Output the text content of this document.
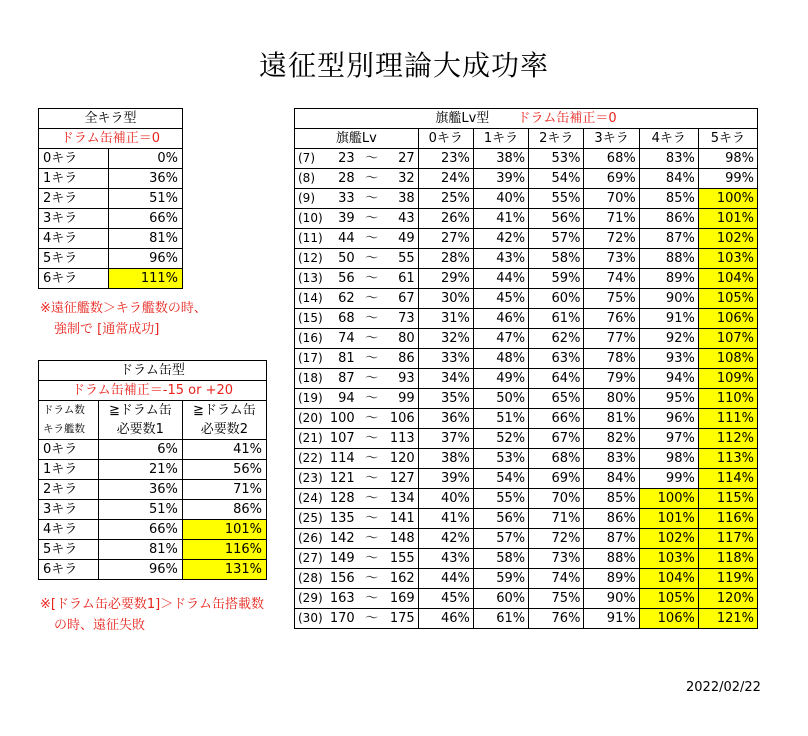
遠征型別理論大成功率
全キラ型	
ドラム缶補正＝0	
0キラ	0%
1キラ	36%
2キラ	51%
3キラ	66%
4キラ	81%
5キラ	96%
6キラ	111%
※遠征艦数＞キラ艦数の時、
強制で [通常成功]
ドラム缶型		
ドラム缶補正＝-15 or +20		
ドラム数	≧ドラム缶	≧ドラム缶
キラ艦数	必要数1	必要数2
0キラ	6%	41%
1キラ	21%	56%
2キラ	36%	71%
3キラ	51%	86%
4キラ	66%	101%
5キラ	81%	116%
6キラ	96%	131%
※[ドラム缶必要数1]＞ドラム缶搭載数
の時、遠征失敗
旗艦Lv型 ドラム缶補正＝0									
旗艦Lv				0キラ	1キラ	2キラ	3キラ	4キラ	5キラ
(7)	23	～	27	23%	38%	53%	68%	83%	98%
(8)	28	～	32	24%	39%	54%	69%	84%	99%
(9)	33	～	38	25%	40%	55%	70%	85%	100%
(10)	39	～	43	26%	41%	56%	71%	86%	101%
(11)	44	～	49	27%	42%	57%	72%	87%	102%
(12)	50	～	55	28%	43%	58%	73%	88%	103%
(13)	56	～	61	29%	44%	59%	74%	89%	104%
(14)	62	～	67	30%	45%	60%	75%	90%	105%
(15)	68	～	73	31%	46%	61%	76%	91%	106%
(16)	74	～	80	32%	47%	62%	77%	92%	107%
(17)	81	～	86	33%	48%	63%	78%	93%	108%
(18)	87	～	93	34%	49%	64%	79%	94%	109%
(19)	94	～	99	35%	50%	65%	80%	95%	110%
(20)	100	～	106	36%	51%	66%	81%	96%	111%
(21)	107	～	113	37%	52%	67%	82%	97%	112%
(22)	114	～	120	38%	53%	68%	83%	98%	113%
(23)	121	～	127	39%	54%	69%	84%	99%	114%
(24)	128	～	134	40%	55%	70%	85%	100%	115%
(25)	135	～	141	41%	56%	71%	86%	101%	116%
(26)	142	～	148	42%	57%	72%	87%	102%	117%
(27)	149	～	155	43%	58%	73%	88%	103%	118%
(28)	156	～	162	44%	59%	74%	89%	104%	119%
(29)	163	～	169	45%	60%	75%	90%	105%	120%
(30)	170	～	175	46%	61%	76%	91%	106%	121%
2022/02/22
